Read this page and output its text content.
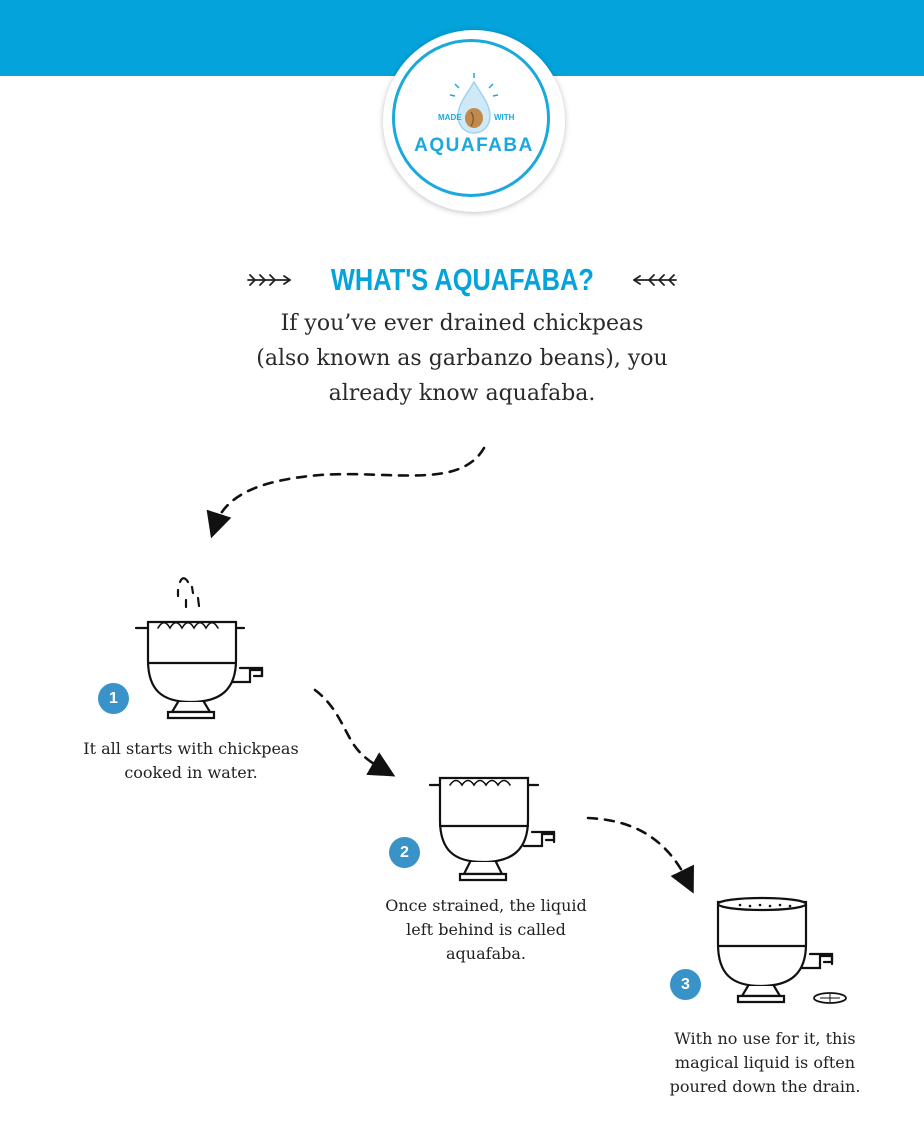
MADE	WITH
AQUAFABA
WHAT'S AQUAFABA?
If you’ve ever drained chickpeas
(also known as garbanzo beans), you
already know aquafaba.
1
It all starts with chickpeas
cooked in water.
2
Once strained, the liquid
left behind is called
aquafaba.
3
With no use for it, this
magical liquid is often
poured down the drain.
